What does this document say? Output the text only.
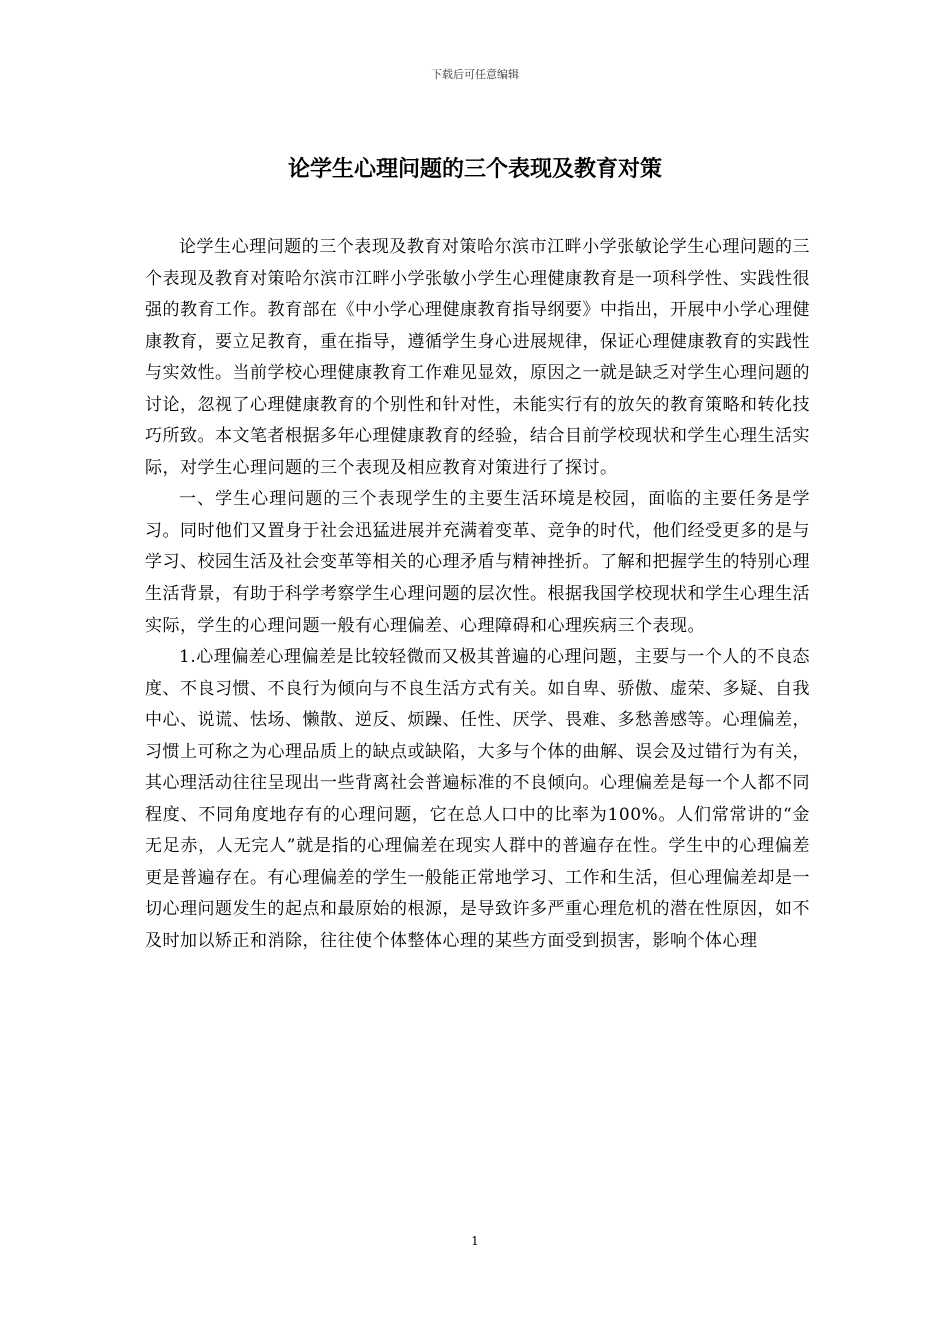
下载后可任意编辑
论学生心理问题的三个表现及教育对策

论学生心理问题的三个表现及教育对策哈尔滨市江畔小学张敏论学生心理问题的三个表现及教育对策哈尔滨市江畔小学张敏小学生心理健康教育是一项科学性、实践性很强的教育工作。教育部在《中小学心理健康教育指导纲要》中指出，开展中小学心理健康教育，要立足教育，重在指导，遵循学生身心进展规律，保证心理健康教育的实践性与实效性。当前学校心理健康教育工作难见显效，原因之一就是缺乏对学生心理问题的讨论，忽视了心理健康教育的个别性和针对性，未能实行有的放矢的教育策略和转化技巧所致。本文笔者根据多年心理健康教育的经验，结合目前学校现状和学生心理生活实际，对学生心理问题的三个表现及相应教育对策进行了探讨。

一、学生心理问题的三个表现学生的主要生活环境是校园，面临的主要任务是学习。同时他们又置身于社会迅猛进展并充满着变革、竞争的时代，他们经受更多的是与学习、校园生活及社会变革等相关的心理矛盾与精神挫折。了解和把握学生的特别心理生活背景，有助于科学考察学生心理问题的层次性。根据我国学校现状和学生心理生活实际，学生的心理问题一般有心理偏差、心理障碍和心理疾病三个表现。

1.心理偏差心理偏差是比较轻微而又极其普遍的心理问题，主要与一个人的不良态度、不良习惯、不良行为倾向与不良生活方式有关。如自卑、骄傲、虚荣、多疑、自我中心、说谎、怯场、懒散、逆反、烦躁、任性、厌学、畏难、多愁善感等。心理偏差，习惯上可称之为心理品质上的缺点或缺陷，大多与个体的曲解、误会及过错行为有关，其心理活动往往呈现出一些背离社会普遍标准的不良倾向。心理偏差是每一个人都不同程度、不同角度地存有的心理问题，它在总人口中的比率为100%。人们常常讲的“金无足赤，人无完人”就是指的心理偏差在现实人群中的普遍存在性。学生中的心理偏差更是普遍存在。有心理偏差的学生一般能正常地学习、工作和生活，但心理偏差却是一切心理问题发生的起点和最原始的根源，是导致许多严重心理危机的潜在性原因，如不及时加以矫正和消除，往往使个体整体心理的某些方面受到损害，影响个体心理

1
